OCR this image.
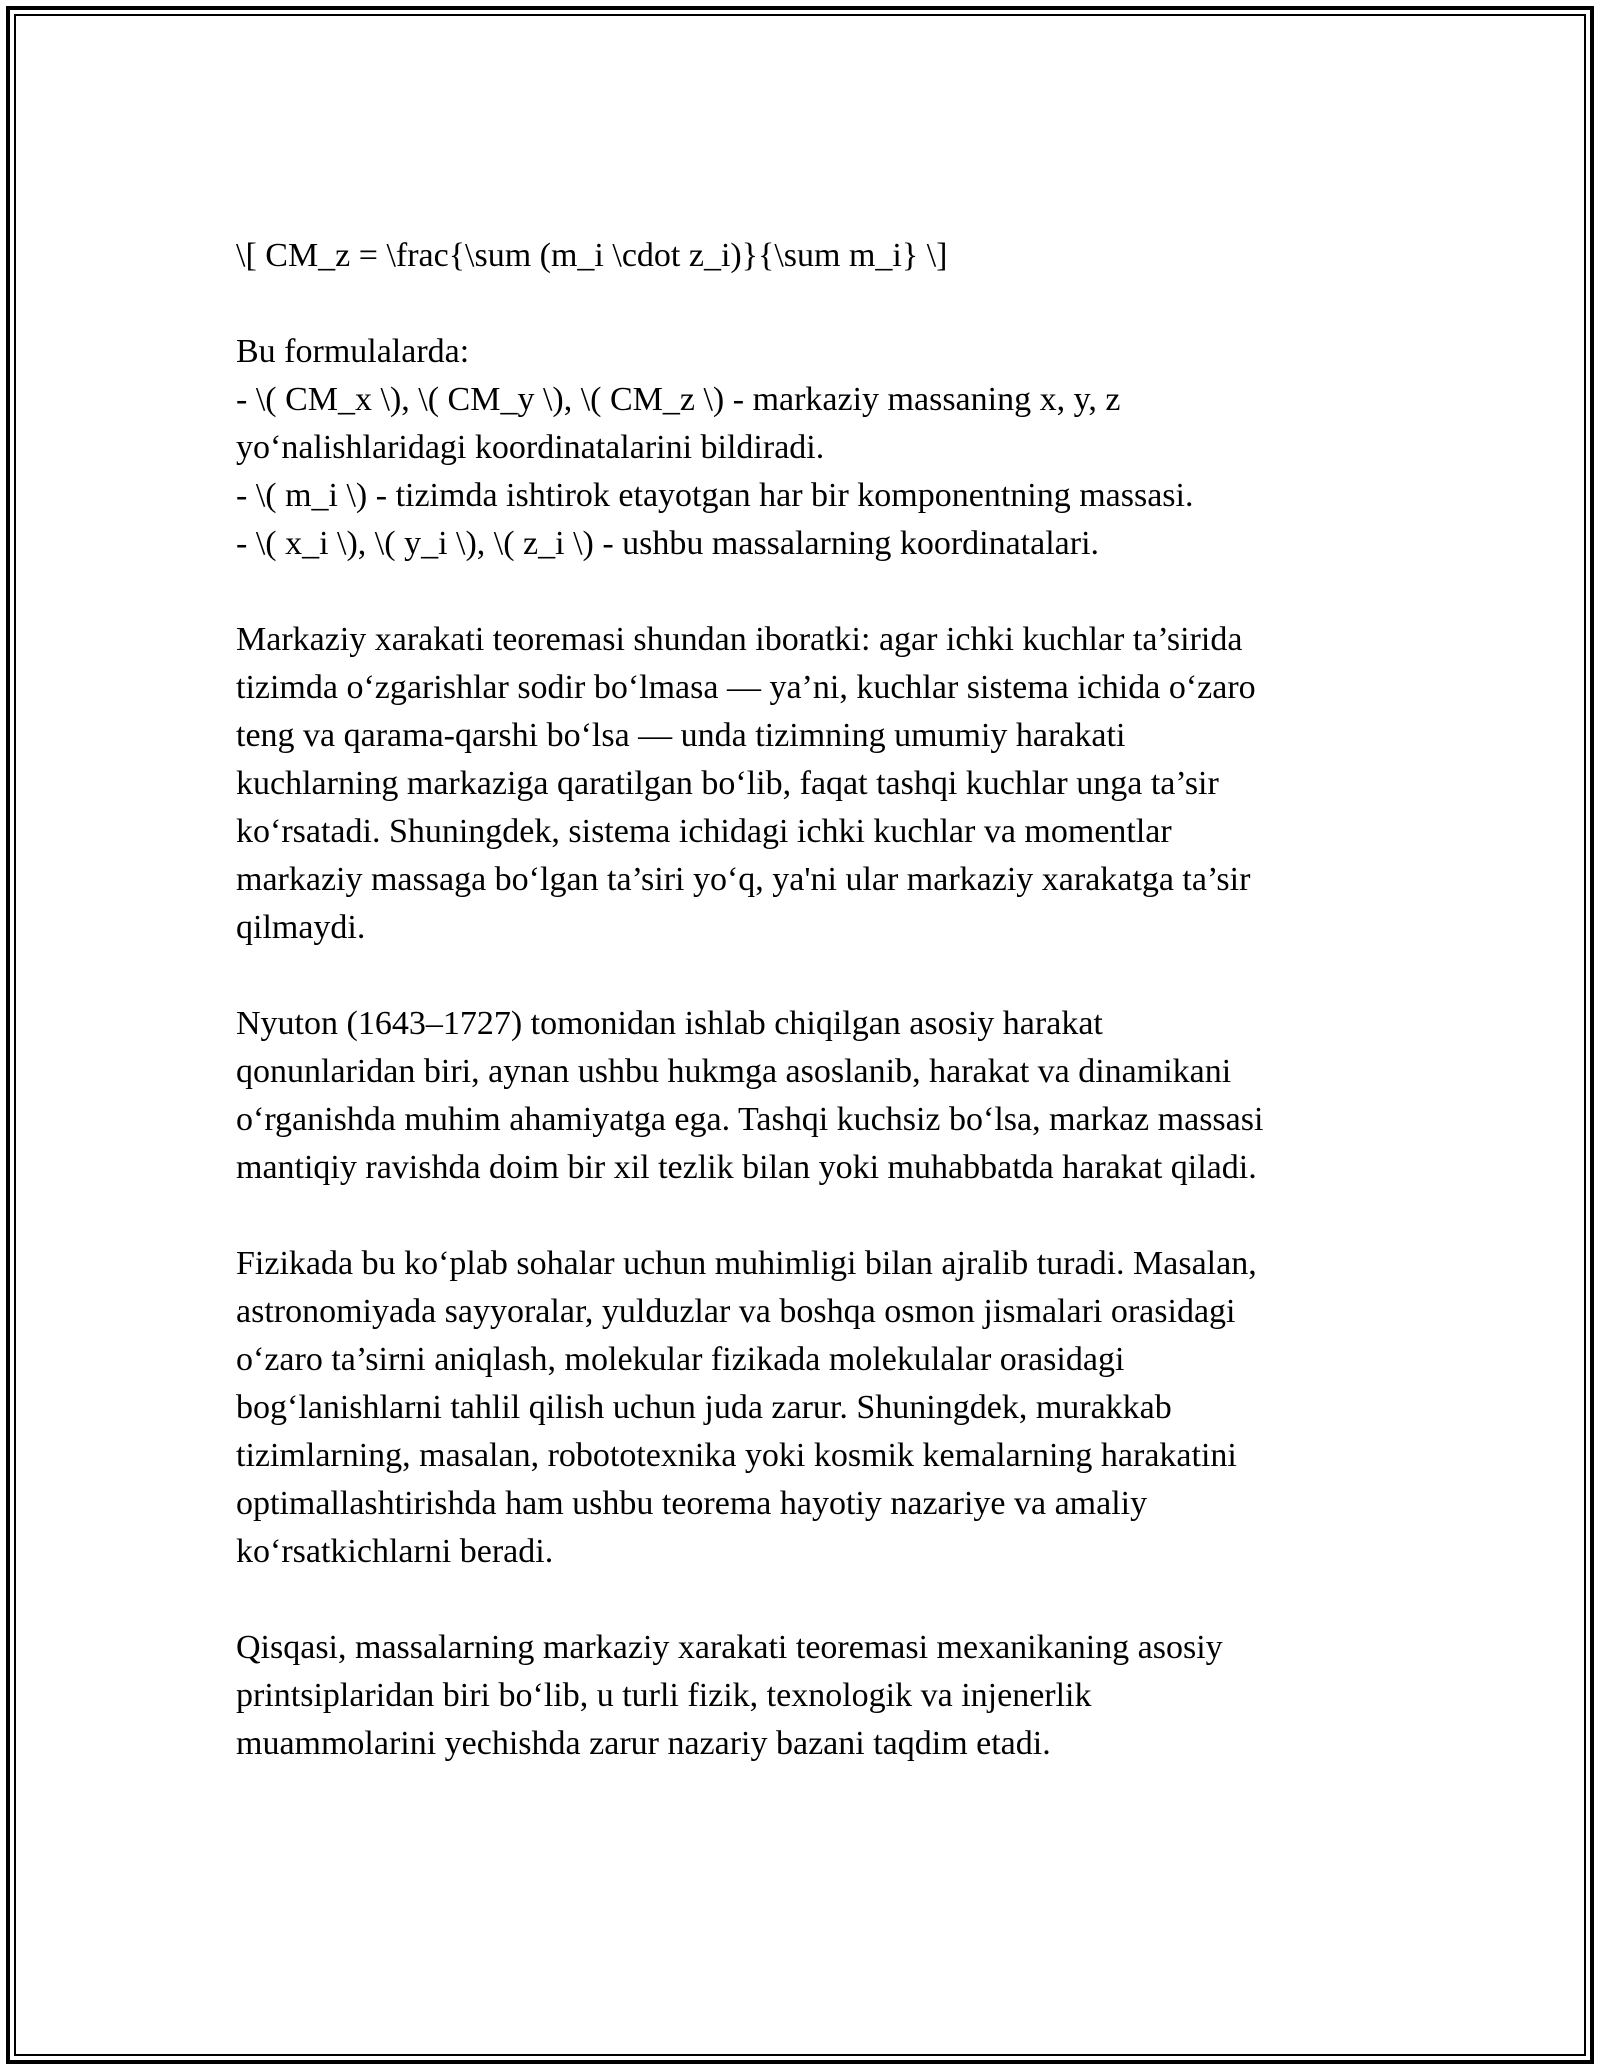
\[ CM_z = \frac{\sum (m_i \cdot z_i)}{\sum m_i} \]
Bu formulalarda:
- \( CM_x \), \( CM_y \), \( CM_z \) - markaziy massaning x, y, z
yo‘nalishlaridagi koordinatalarini bildiradi.
- \( m_i \) - tizimda ishtirok etayotgan har bir komponentning massasi.
- \( x_i \), \( y_i \), \( z_i \) - ushbu massalarning koordinatalari.
Markaziy xarakati teoremasi shundan iboratki: agar ichki kuchlar ta’sirida
tizimda o‘zgarishlar sodir bo‘lmasa — ya’ni, kuchlar sistema ichida o‘zaro
teng va qarama-qarshi bo‘lsa — unda tizimning umumiy harakati
kuchlarning markaziga qaratilgan bo‘lib, faqat tashqi kuchlar unga ta’sir
ko‘rsatadi. Shuningdek, sistema ichidagi ichki kuchlar va momentlar
markaziy massaga bo‘lgan ta’siri yo‘q, ya'ni ular markaziy xarakatga ta’sir
qilmaydi.
Nyuton (1643–1727) tomonidan ishlab chiqilgan asosiy harakat
qonunlaridan biri, aynan ushbu hukmga asoslanib, harakat va dinamikani
o‘rganishda muhim ahamiyatga ega. Tashqi kuchsiz bo‘lsa, markaz massasi
mantiqiy ravishda doim bir xil tezlik bilan yoki muhabbatda harakat qiladi.
Fizikada bu ko‘plab sohalar uchun muhimligi bilan ajralib turadi. Masalan,
astronomiyada sayyoralar, yulduzlar va boshqa osmon jismalari orasidagi
o‘zaro ta’sirni aniqlash, molekular fizikada molekulalar orasidagi
bog‘lanishlarni tahlil qilish uchun juda zarur. Shuningdek, murakkab
tizimlarning, masalan, robototexnika yoki kosmik kemalarning harakatini
optimallashtirishda ham ushbu teorema hayotiy nazariye va amaliy
ko‘rsatkichlarni beradi.
Qisqasi, massalarning markaziy xarakati teoremasi mexanikaning asosiy
printsiplaridan biri bo‘lib, u turli fizik, texnologik va injenerlik
muammolarini yechishda zarur nazariy bazani taqdim etadi.
